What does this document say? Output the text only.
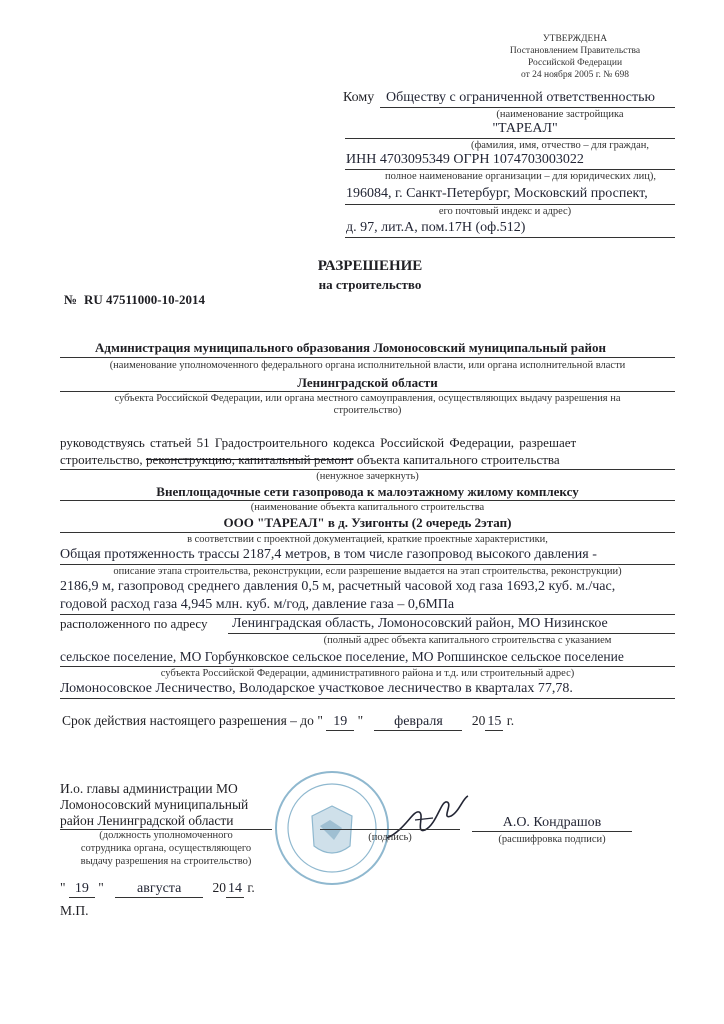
УТВЕРЖДЕНА
Постановлением Правительства
Российской Федерации
от 24 ноября 2005 г. № 698
Кому Обществу с ограниченной ответственностью
(наименование застройщика
"ТАРЕАЛ"
(фамилия, имя, отчество – для граждан,
ИНН 4703095349 ОГРН 1074703003022
полное наименование организации – для юридических лиц),
196084, г. Санкт-Петербург, Московский проспект,
его почтовый индекс и адрес)
д. 97, лит.А, пом.17Н (оф.512)
РАЗРЕШЕНИЕ
на строительство
№ RU 47511000-10-2014
Администрация муниципального образования Ломоносовский муниципальный район
(наименование уполномоченного федерального органа исполнительной власти, или органа исполнительной власти
Ленинградской области
субъекта Российской Федерации, или органа местного самоуправления, осуществляющих выдачу разрешения на
строительство)
руководствуясь статьей 51 Градостроительного кодекса Российской Федерации, разрешает
строительство, реконструкцию, капитальный ремонт объекта капитального строительства
(ненужное зачеркнуть)
Внеплощадочные сети газопровода к малоэтажному жилому комплексу
(наименование объекта капитального строительства
ООО "ТАРЕАЛ" в д. Узигонты (2 очередь 2этап)
в соответствии с проектной документацией, краткие проектные характеристики,
Общая протяженность трассы 2187,4 метров, в том числе газопровод высокого давления -
описание этапа строительства, реконструкции, если разрешение выдается на этап строительства, реконструкции)
2186,9 м, газопровод среднего давления 0,5 м, расчетный часовой ход газа 1693,2 куб. м./час,
годовой расход газа 4,945 млн. куб. м/год, давление газа – 0,6МПа
расположенного по адресу Ленинградская область, Ломоносовский район, МО Низинское
(полный адрес объекта капитального строительства с указанием
сельское поселение, МО Горбунковское сельское поселение, МО Ропшинское сельское поселение
субъекта Российской Федерации, административного района и т.д. или строительный адрес)
Ломоносовское Лесничество, Володарское участковое лесничество в кварталах 77,78.
Срок действия настоящего разрешения – до " 19 " февраля 20 15 г.
И.о. главы администрации МО
Ломоносовский муниципальный
район Ленинградской области
(должность уполномоченного
сотрудника органа, осуществляющего
выдачу разрешения на строительство)
(подпись)
А.О. Кондрашов
(расшифровка подписи)
" 19 " августа 20 14 г.
М.П.
